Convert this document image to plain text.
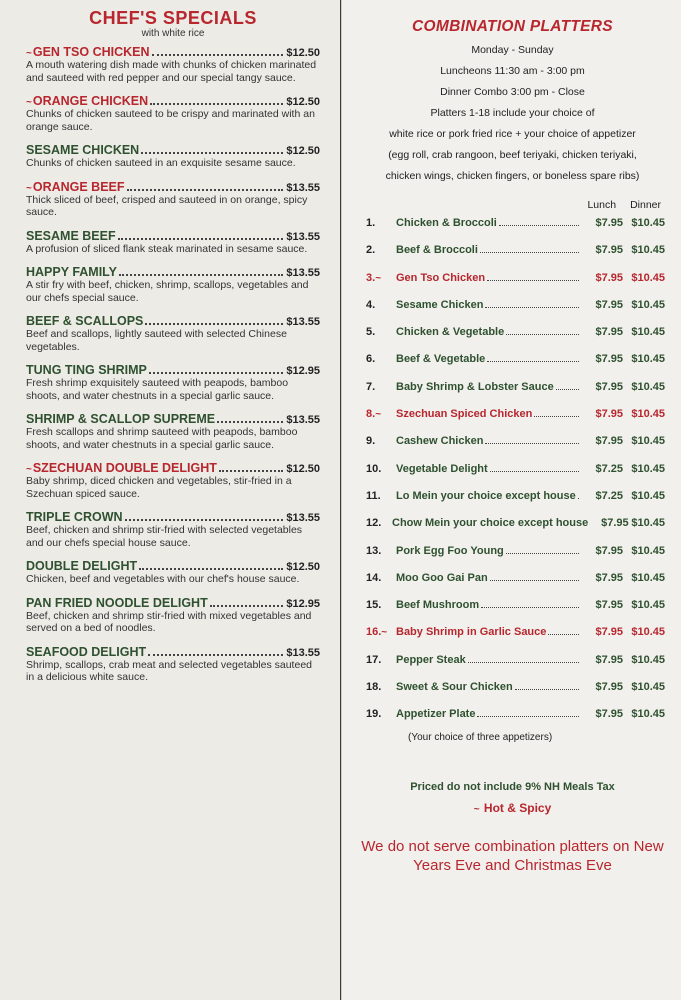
CHEF'S SPECIALS
with white rice
~ GEN TSO CHICKEN	$12.50
A mouth watering dish made with chunks of chicken marinated and sauteed with red pepper and our special tangy sauce.
~ ORANGE CHICKEN	$12.50
Chunks of chicken sauteed to be crispy and marinated with an orange sauce.
SESAME CHICKEN	$12.50
Chunks of chicken sauteed in an exquisite sesame sauce.
~ ORANGE BEEF	$13.55
Thick sliced of beef, crisped and sauteed in on orange, spicy sauce.
SESAME BEEF	$13.55
A profusion of sliced flank steak marinated in sesame sauce.
HAPPY FAMILY	$13.55
A stir fry with beef, chicken, shrimp, scallops, vegetables and our chefs special sauce.
BEEF & SCALLOPS	$13.55
Beef and scallops, lightly sauteed with selected Chinese vegetables.
TUNG TING SHRIMP	$12.95
Fresh shrimp exquisitely sauteed with peapods, bamboo shoots, and water chestnuts in a special garlic sauce.
SHRIMP & SCALLOP SUPREME	$13.55
Fresh scallops and shrimp sauteed with peapods, bamboo shoots, and water chestnuts in a special garlic sauce.
~ SZECHUAN DOUBLE DELIGHT	$12.50
Baby shrimp, diced chicken and vegetables, stir-fried in a Szechuan spiced sauce.
TRIPLE CROWN	$13.55
Beef, chicken and shrimp stir-fried with selected vegetables and our chefs special house sauce.
DOUBLE DELIGHT	$12.50
Chicken, beef and vegetables with our chef's house sauce.
PAN FRIED NOODLE DELIGHT	$12.95
Beef, chicken and shrimp stir-fried with mixed vegetables and served on a bed of noodles.
SEAFOOD DELIGHT	$13.55
Shrimp, scallops, crab meat and selected vegetables sauteed in a delicious white sauce.
COMBINATION PLATTERS
Monday - Sunday
Luncheons 11:30 am - 3:00 pm
Dinner Combo 3:00 pm - Close
Platters 1-18 include your choice of
white rice or pork fried rice + your choice of appetizer
(egg roll, crab rangoon, beef teriyaki, chicken teriyaki,
chicken wings, chicken fingers, or boneless spare ribs)
Lunch Dinner
1.	Chicken & Broccoli	$7.95 $10.45
2.	Beef & Broccoli	$7.95 $10.45
3.~	Gen Tso Chicken	$7.95 $10.45
4.	Sesame Chicken	$7.95 $10.45
5.	Chicken & Vegetable	$7.95 $10.45
6.	Beef & Vegetable	$7.95 $10.45
7.	Baby Shrimp & Lobster Sauce	$7.95 $10.45
8.~	Szechuan Spiced Chicken	$7.95 $10.45
9.	Cashew Chicken	$7.95 $10.45
10.	Vegetable Delight	$7.25 $10.45
11.	Lo Mein your choice except house	$7.25 $10.45
12. Chow Mein your choice except house	$7.95 $10.45
13.	Pork Egg Foo Young	$7.95 $10.45
14.	Moo Goo Gai Pan	$7.95 $10.45
15.	Beef Mushroom	$7.95 $10.45
16.~ Baby Shrimp in Garlic Sauce	$7.95 $10.45
17.	Pepper Steak	$7.95 $10.45
18.	Sweet & Sour Chicken	$7.95 $10.45
19.	Appetizer Plate	$7.95 $10.45
(Your choice of three appetizers)
Priced do not include 9% NH Meals Tax
~ Hot & Spicy
We do not serve combination platters on New Years Eve and Christmas Eve
